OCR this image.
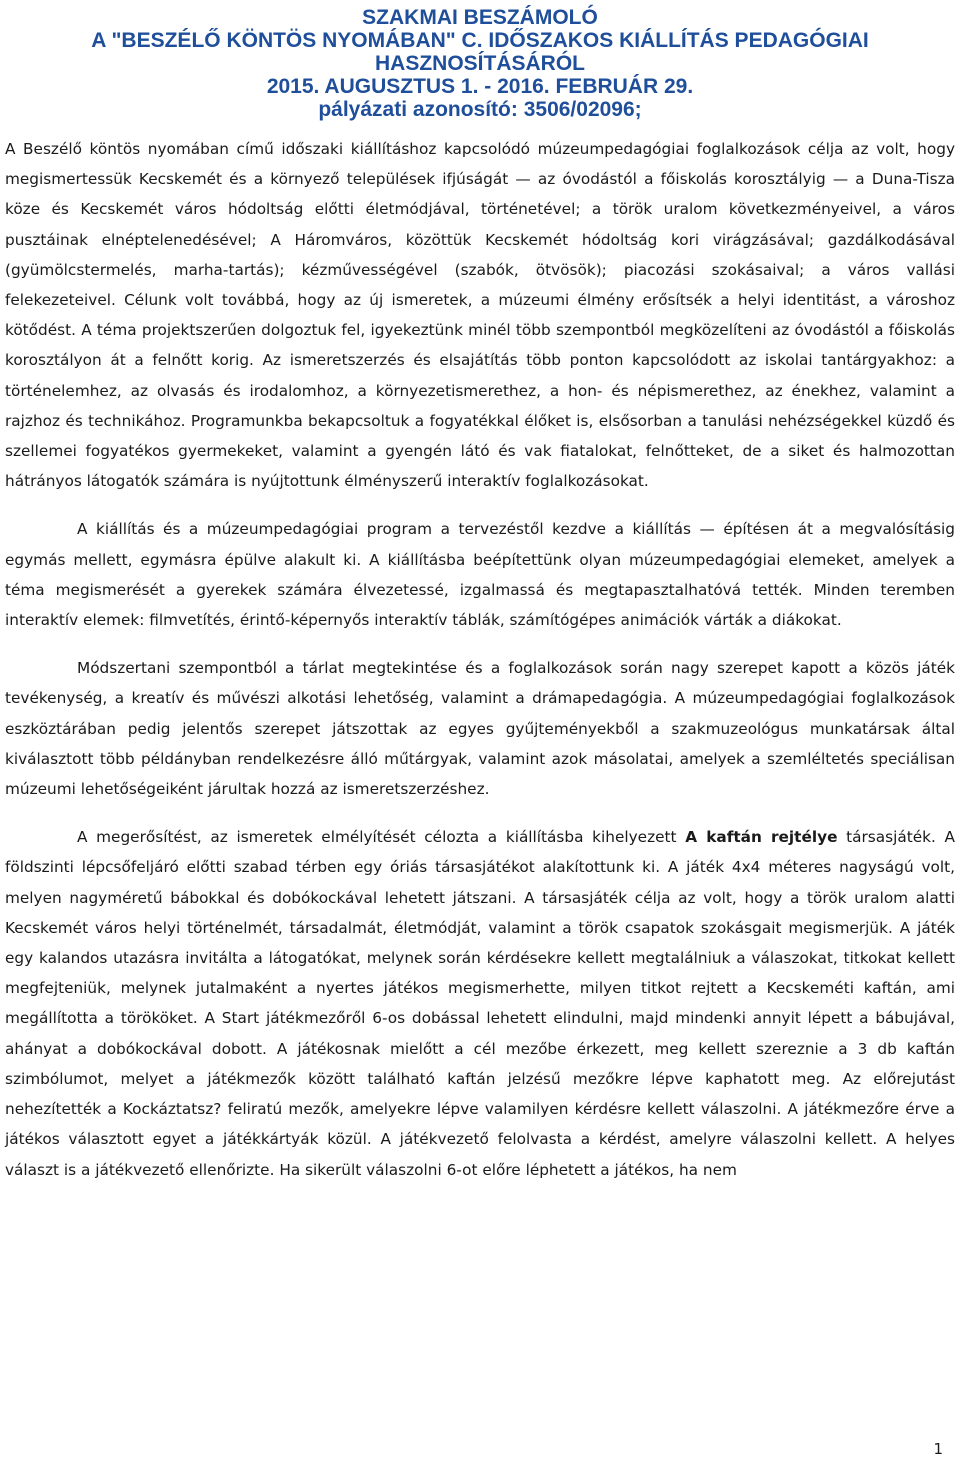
SZAKMAI BESZÁMOLÓ
A "BESZÉLŐ KÖNTÖS NYOMÁBAN" C. IDŐSZAKOS KIÁLLÍTÁS PEDAGÓGIAI
HASZNOSÍTÁSÁRÓL
2015. AUGUSZTUS 1. - 2016. FEBRUÁR 29.
pályázati azonosító: 3506/02096;

A Beszélő köntös nyomában című időszaki kiállításhoz kapcsolódó múzeumpedagógiai foglalkozások célja az volt, hogy megismertessük Kecskemét és a környező települések ifjúságát — az óvodástól a főiskolás korosztályig — a Duna-Tisza köze és Kecskemét város hódoltság előtti életmódjával, történetével; a török uralom következményeivel, a város pusztáinak elnéptelenedésével; A Háromváros, közöttük Kecskemét hódoltság kori virágzásával; gazdálkodásával (gyümölcstermelés, marha-tartás); kézművességével (szabók, ötvösök); piacozási szokásaival; a város vallási felekezeteivel. Célunk volt továbbá, hogy az új ismeretek, a múzeumi élmény erősítsék a helyi identitást, a városhoz kötődést. A téma projektszerűen dolgoztuk fel, igyekeztünk minél több szempontból megközelíteni az óvodástól a főiskolás korosztályon át a felnőtt korig. Az ismeretszerzés és elsajátítás több ponton kapcsolódott az iskolai tantárgyakhoz: a történelemhez, az olvasás és irodalomhoz, a környezetismerethez, a hon- és népismerethez, az énekhez, valamint a rajzhoz és technikához. Programunkba bekapcsoltuk a fogyatékkal élőket is, elsősorban a tanulási nehézségekkel küzdő és szellemei fogyatékos gyermekeket, valamint a gyengén látó és vak fiatalokat, felnőtteket, de a siket és halmozottan hátrányos látogatók számára is nyújtottunk élményszerű interaktív foglalkozásokat.

A kiállítás és a múzeumpedagógiai program a tervezéstől kezdve a kiállítás — építésen át a megvalósításig egymás mellett, egymásra épülve alakult ki. A kiállításba beépítettünk olyan múzeumpedagógiai elemeket, amelyek a téma megismerését a gyerekek számára élvezetessé, izgalmassá és megtapasztalhatóvá tették. Minden teremben interaktív elemek: filmvetítés, érintő-képernyős interaktív táblák, számítógépes animációk várták a diákokat.

Módszertani szempontból a tárlat megtekintése és a foglalkozások során nagy szerepet kapott a közös játék tevékenység, a kreatív és művészi alkotási lehetőség, valamint a drámapedagógia. A múzeumpedagógiai foglalkozások eszköztárában pedig jelentős szerepet játszottak az egyes gyűjteményekből a szakmuzeológus munkatársak által kiválasztott több példányban rendelkezésre álló műtárgyak, valamint azok másolatai, amelyek a szemléltetés speciálisan múzeumi lehetőségeiként járultak hozzá az ismeretszerzéshez.

A megerősítést, az ismeretek elmélyítését célozta a kiállításba kihelyezett A kaftán rejtélye társasjáték. A földszinti lépcsőfeljáró előtti szabad térben egy óriás társasjátékot alakítottunk ki. A játék 4x4 méteres nagyságú volt, melyen nagyméretű bábokkal és dobókockával lehetett játszani. A társasjáték célja az volt, hogy a török uralom alatti Kecskemét város helyi történelmét, társadalmát, életmódját, valamint a török csapatok szokásgait megismerjük. A játék egy kalandos utazásra invitálta a látogatókat, melynek során kérdésekre kellett megtalálniuk a válaszokat, titkokat kellett megfejteniük, melynek jutalmaként a nyertes játékos megismerhette, milyen titkot rejtett a Kecskeméti kaftán, ami megállította a törököket. A Start játékmezőről 6-os dobással lehetett elindulni, majd mindenki annyit lépett a bábujával, ahányat a dobókockával dobott. A játékosnak mielőtt a cél mezőbe érkezett, meg kellett szereznie a 3 db kaftán szimbólumot, melyet a játékmezők között található kaftán jelzésű mezőkre lépve kaphatott meg. Az előrejutást nehezítették a Kockáztatsz? feliratú mezők, amelyekre lépve valamilyen kérdésre kellett válaszolni. A játékmezőre érve a játékos választott egyet a játékkártyák közül. A játékvezető felolvasta a kérdést, amelyre válaszolni kellett. A helyes választ is a játékvezető ellenőrizte. Ha sikerült válaszolni 6-ot előre léphetett a játékos, ha nem

1
